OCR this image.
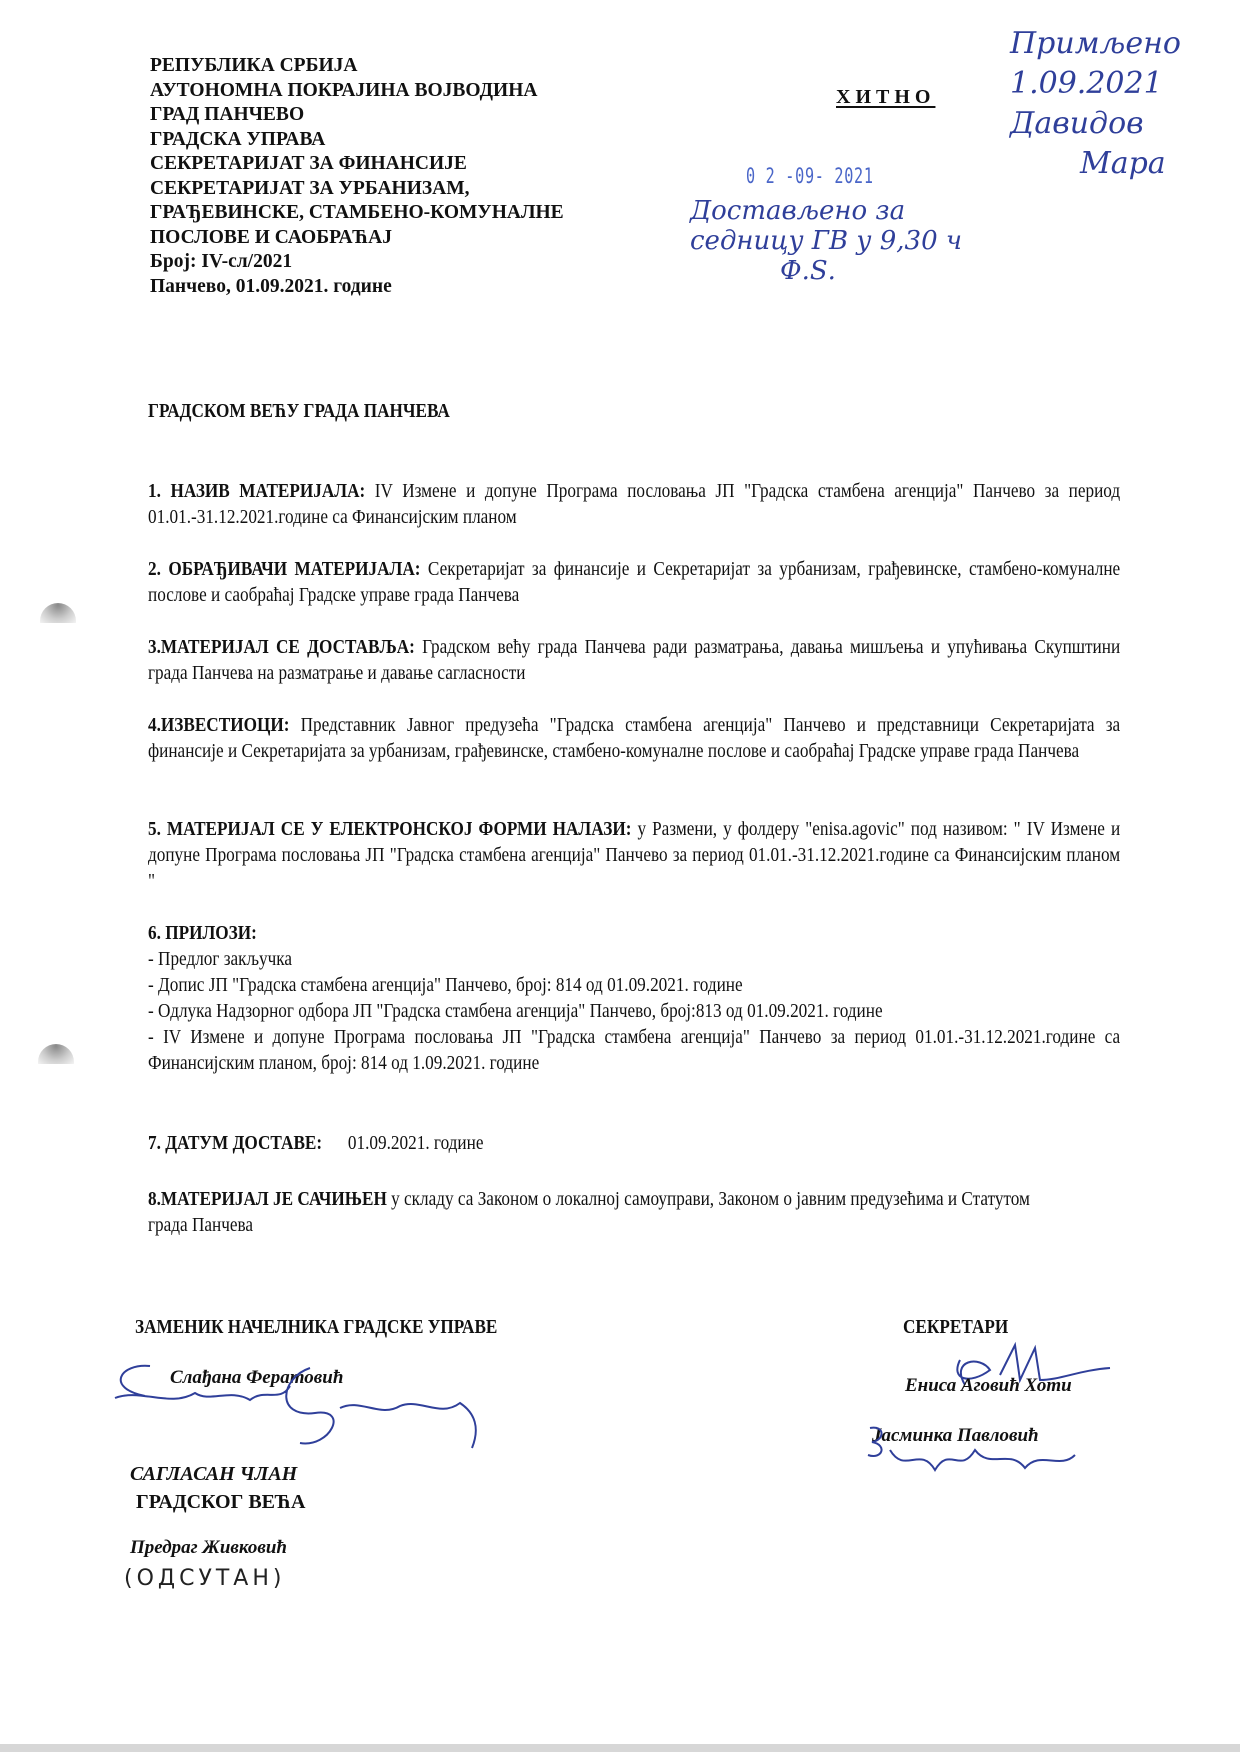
РЕПУБЛИКА СРБИЈА
АУТОНОМНА ПОКРАЈИНА ВОЈВОДИНА
ГРАД ПАНЧЕВО
ГРАДСКА УПРАВА
СЕКРЕТАРИЈАТ ЗА ФИНАНСИЈЕ
СЕКРЕТАРИЈАТ ЗА УРБАНИЗАМ,
ГРАЂЕВИНСКЕ, СТАМБЕНО-КОМУНАЛНЕ
ПОСЛОВЕ И САОБРАЋАЈ
Број: IV-сл/2021
Панчево, 01.09.2021. године
ХИТНО
0 2 -09- 2021
Достављено за
седницу ГВ у 9,30 ч
Ф.Ѕ.
Примљено
1.09.2021
Давидов
Мара
ГРАДСКОМ ВЕЋУ ГРАДА ПАНЧЕВА

1. НАЗИВ МАТЕРИЈАЛА: IV Измене и допуне Програма пословања ЈП "Градска стамбена агенција" Панчево за период 01.01.-31.12.2021.године са Финансијским планом

2. ОБРАЂИВАЧИ МАТЕРИЈАЛА: Секретаријат за финансије и Секретаријат за урбанизам, грађевинске, стамбено-комуналне послове и саобраћај Градске управе града Панчева

3.МАТЕРИЈАЛ СЕ ДОСТАВЉА: Градском већу града Панчева ради разматрања, давања мишљења и упућивања Скупштини града Панчева на разматрање и давање сагласности

4.ИЗВЕСТИОЦИ: Представник Јавног предузећа "Градска стамбена агенција" Панчево и представници Секретаријата за финансије и Секретаријата за урбанизам, грађевинске, стамбено-комуналне послове и саобраћај Градске управе града Панчева

5. МАТЕРИЈАЛ СЕ У ЕЛЕКТРОНСКОЈ ФОРМИ НАЛАЗИ: у Размени, у фолдеру "enisa.agovic" под називом: " IV Измене и допуне Програма пословања ЈП "Градска стамбена агенција" Панчево за период 01.01.-31.12.2021.године са Финансијским планом "

6. ПРИЛОЗИ:
- Предлог закључка
- Допис ЈП "Градска стамбена агенција" Панчево, број: 814 од 01.09.2021. године
- Одлука Надзорног одбора ЈП "Градска стамбена агенција" Панчево, број:813 од 01.09.2021. године
- IV Измене и допуне Програма пословања ЈП "Градска стамбена агенција" Панчево за период 01.01.-31.12.2021.године са Финансијским планом, број: 814 од 1.09.2021. године
7. ДАТУМ ДОСТАВЕ: 01.09.2021. године
8.МАТЕРИЈАЛ ЈЕ САЧИЊЕН у складу са Законом о локалној самоуправи, Законом о јавним предузећима и Статутом града Панчева
ЗАМЕНИК НАЧЕЛНИКА ГРАДСКЕ УПРАВЕ
Слађана Фератовић
САГЛАСАН ЧЛАН
ГРАДСКОГ ВЕЋА
Предраг Живковић
(ОДСУТАН)
СЕКРЕТАРИ
Ениса Аговић Хоти
Јасминка Павловић
